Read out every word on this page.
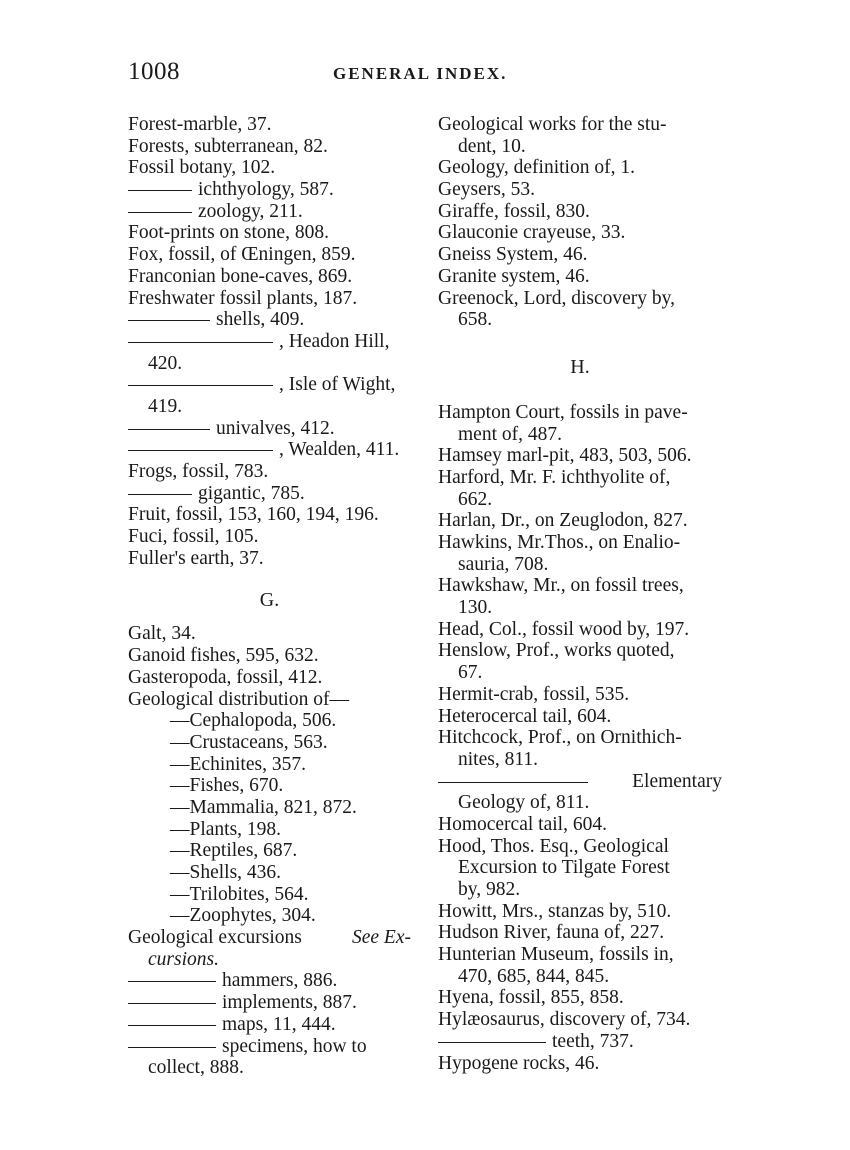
1008	GENERAL INDEX.
Forest-marble, 37.
Forests, subterranean, 82.
Fossil botany, 102.
ichthyology, 587.
zoology, 211.
Foot-prints on stone, 808.
Fox, fossil, of Œningen, 859.
Franconian bone-caves, 869.
Freshwater fossil plants, 187.
shells, 409.
, Headon Hill,
420.
, Isle of Wight,
419.
univalves, 412.
, Wealden, 411.
Frogs, fossil, 783.
gigantic, 785.
Fruit, fossil, 153, 160, 194, 196.
Fuci, fossil, 105.
Fuller's earth, 37.
G.
Galt, 34.
Ganoid fishes, 595, 632.
Gasteropoda, fossil, 412.
Geological distribution of—
—Cephalopoda, 506.
—Crustaceans, 563.
—Echinites, 357.
—Fishes, 670.
—Mammalia, 821, 872.
—Plants, 198.
—Reptiles, 687.
—Shells, 436.
—Trilobites, 564.
—Zoophytes, 304.
Geological excursions	See Ex-
cursions.
hammers, 886.
implements, 887.
maps, 11, 444.
specimens, how to
collect, 888.
Geological works for the stu-
dent, 10.
Geology, definition of, 1.
Geysers, 53.
Giraffe, fossil, 830.
Glauconie crayeuse, 33.
Gneiss System, 46.
Granite system, 46.
Greenock, Lord, discovery by,
658.
H.
Hampton Court, fossils in pave-
ment of, 487.
Hamsey marl-pit, 483, 503, 506.
Harford, Mr. F. ichthyolite of,
662.
Harlan, Dr., on Zeuglodon, 827.
Hawkins, Mr.Thos., on Enalio-
sauria, 708.
Hawkshaw, Mr., on fossil trees,
130.
Head, Col., fossil wood by, 197.
Henslow, Prof., works quoted,
67.
Hermit-crab, fossil, 535.
Heterocercal tail, 604.
Hitchcock, Prof., on Ornithich-
nites, 811.
Elementary
Geology of, 811.
Homocercal tail, 604.
Hood, Thos. Esq., Geological
Excursion to Tilgate Forest
by, 982.
Howitt, Mrs., stanzas by, 510.
Hudson River, fauna of, 227.
Hunterian Museum, fossils in,
470, 685, 844, 845.
Hyena, fossil, 855, 858.
Hylæosaurus, discovery of, 734.
teeth, 737.
Hypogene rocks, 46.
